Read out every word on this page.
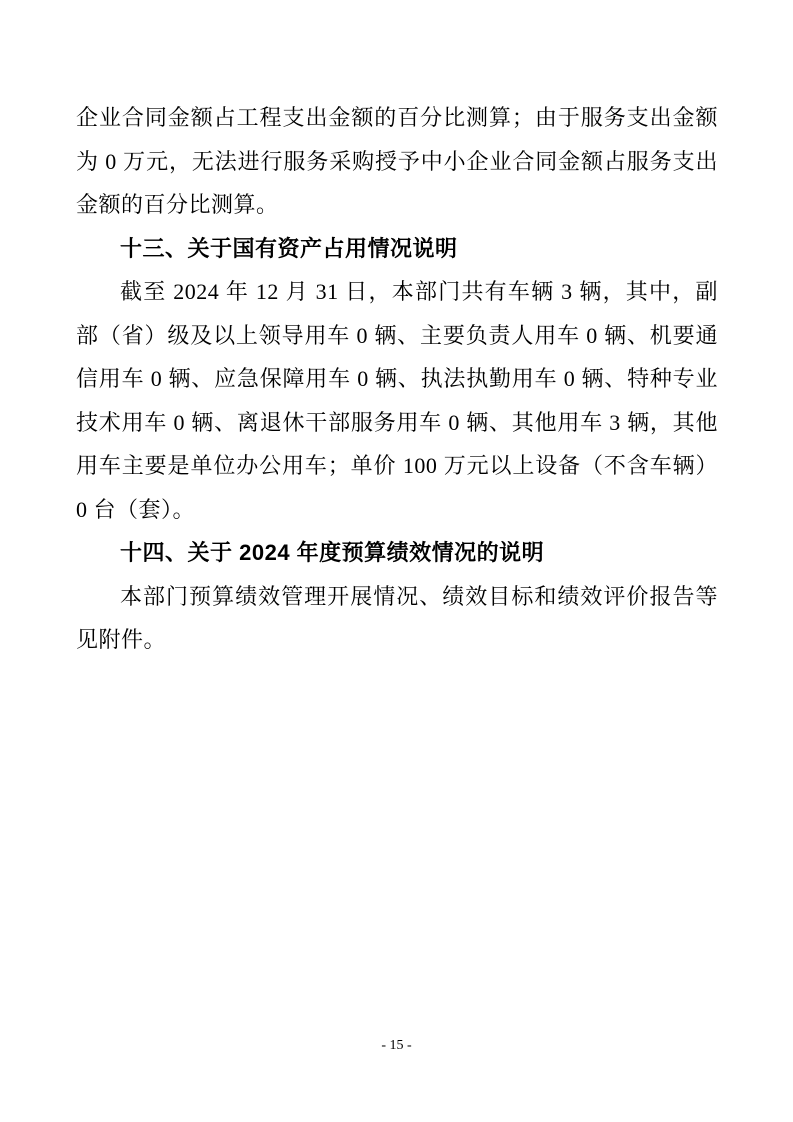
企业合同金额占工程支出金额的百分比测算；由于服务支出金额为 0 万元，无法进行服务采购授予中小企业合同金额占服务支出金额的百分比测算。

十三、关于国有资产占用情况说明

截至 2024 年 12 月 31 日，本部门共有车辆 3 辆，其中，副部（省）级及以上领导用车 0 辆、主要负责人用车 0 辆、机要通信用车 0 辆、应急保障用车 0 辆、执法执勤用车 0 辆、特种专业技术用车 0 辆、离退休干部服务用车 0 辆、其他用车 3 辆，其他用车主要是单位办公用车；单价 100 万元以上设备（不含车辆）0 台（套）。

十四、关于 2024 年度预算绩效情况的说明

本部门预算绩效管理开展情况、绩效目标和绩效评价报告等见附件。

- 15 -
